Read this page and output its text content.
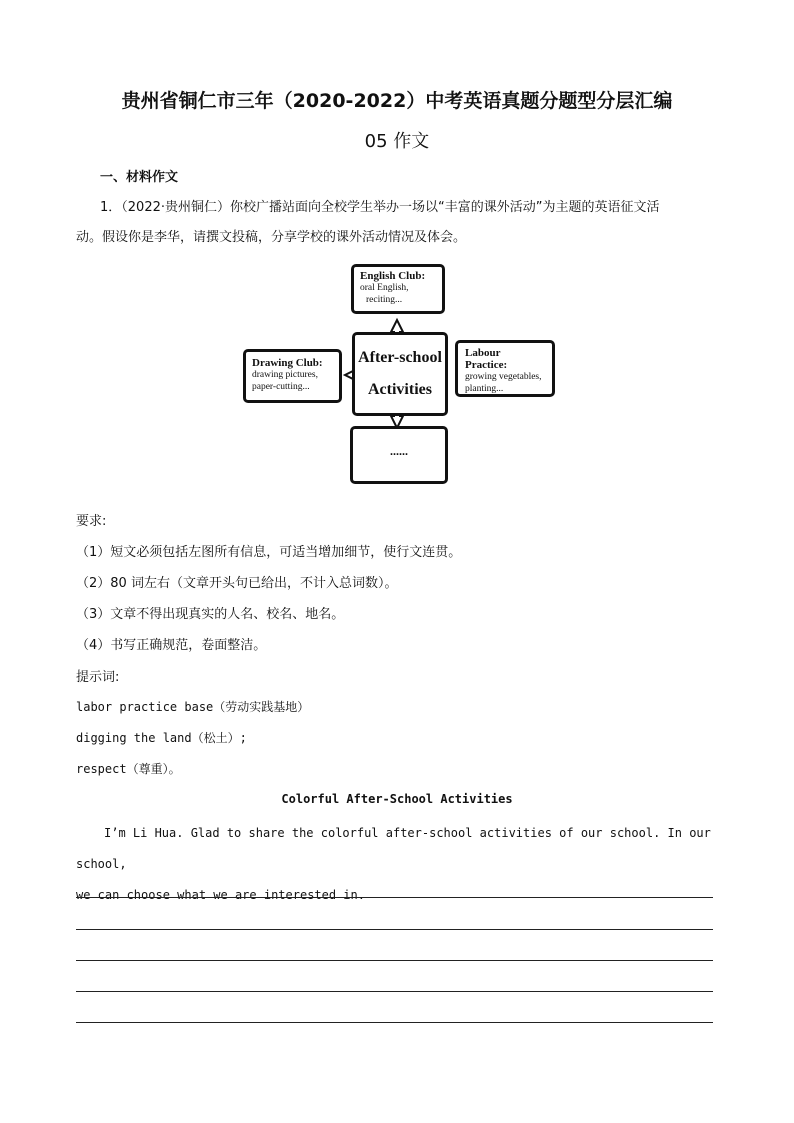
贵州省铜仁市三年（2020-2022）中考英语真题分题型分层汇编
05 作文
一、材料作文
1．（2022·贵州铜仁）你校广播站面向全校学生举办一场以“丰富的课外活动”为主题的英语征文活
动。假设你是李华，请撰文投稿，分享学校的课外活动情况及体会。
English Club:
oral English,
reciting...
Drawing Club:
drawing pictures,
paper-cutting...
After-school
Activities
Labour Practice:
growing vegetables,
planting...
......
要求:
（1）短文必须包括左图所有信息，可适当增加细节，使行文连贯。
（2）80 词左右（文章开头句已给出，不计入总词数）。
（3）文章不得出现真实的人名、校名、地名。
（4）书写正确规范，卷面整洁。
提示词:
labor practice base（劳动实践基地）
digging the land（松土）;
respect（尊重）。
Colorful After-School Activities
I’m Li Hua. Glad to share the colorful after-school activities of our school. In our school,
we can choose what we are interested in.
